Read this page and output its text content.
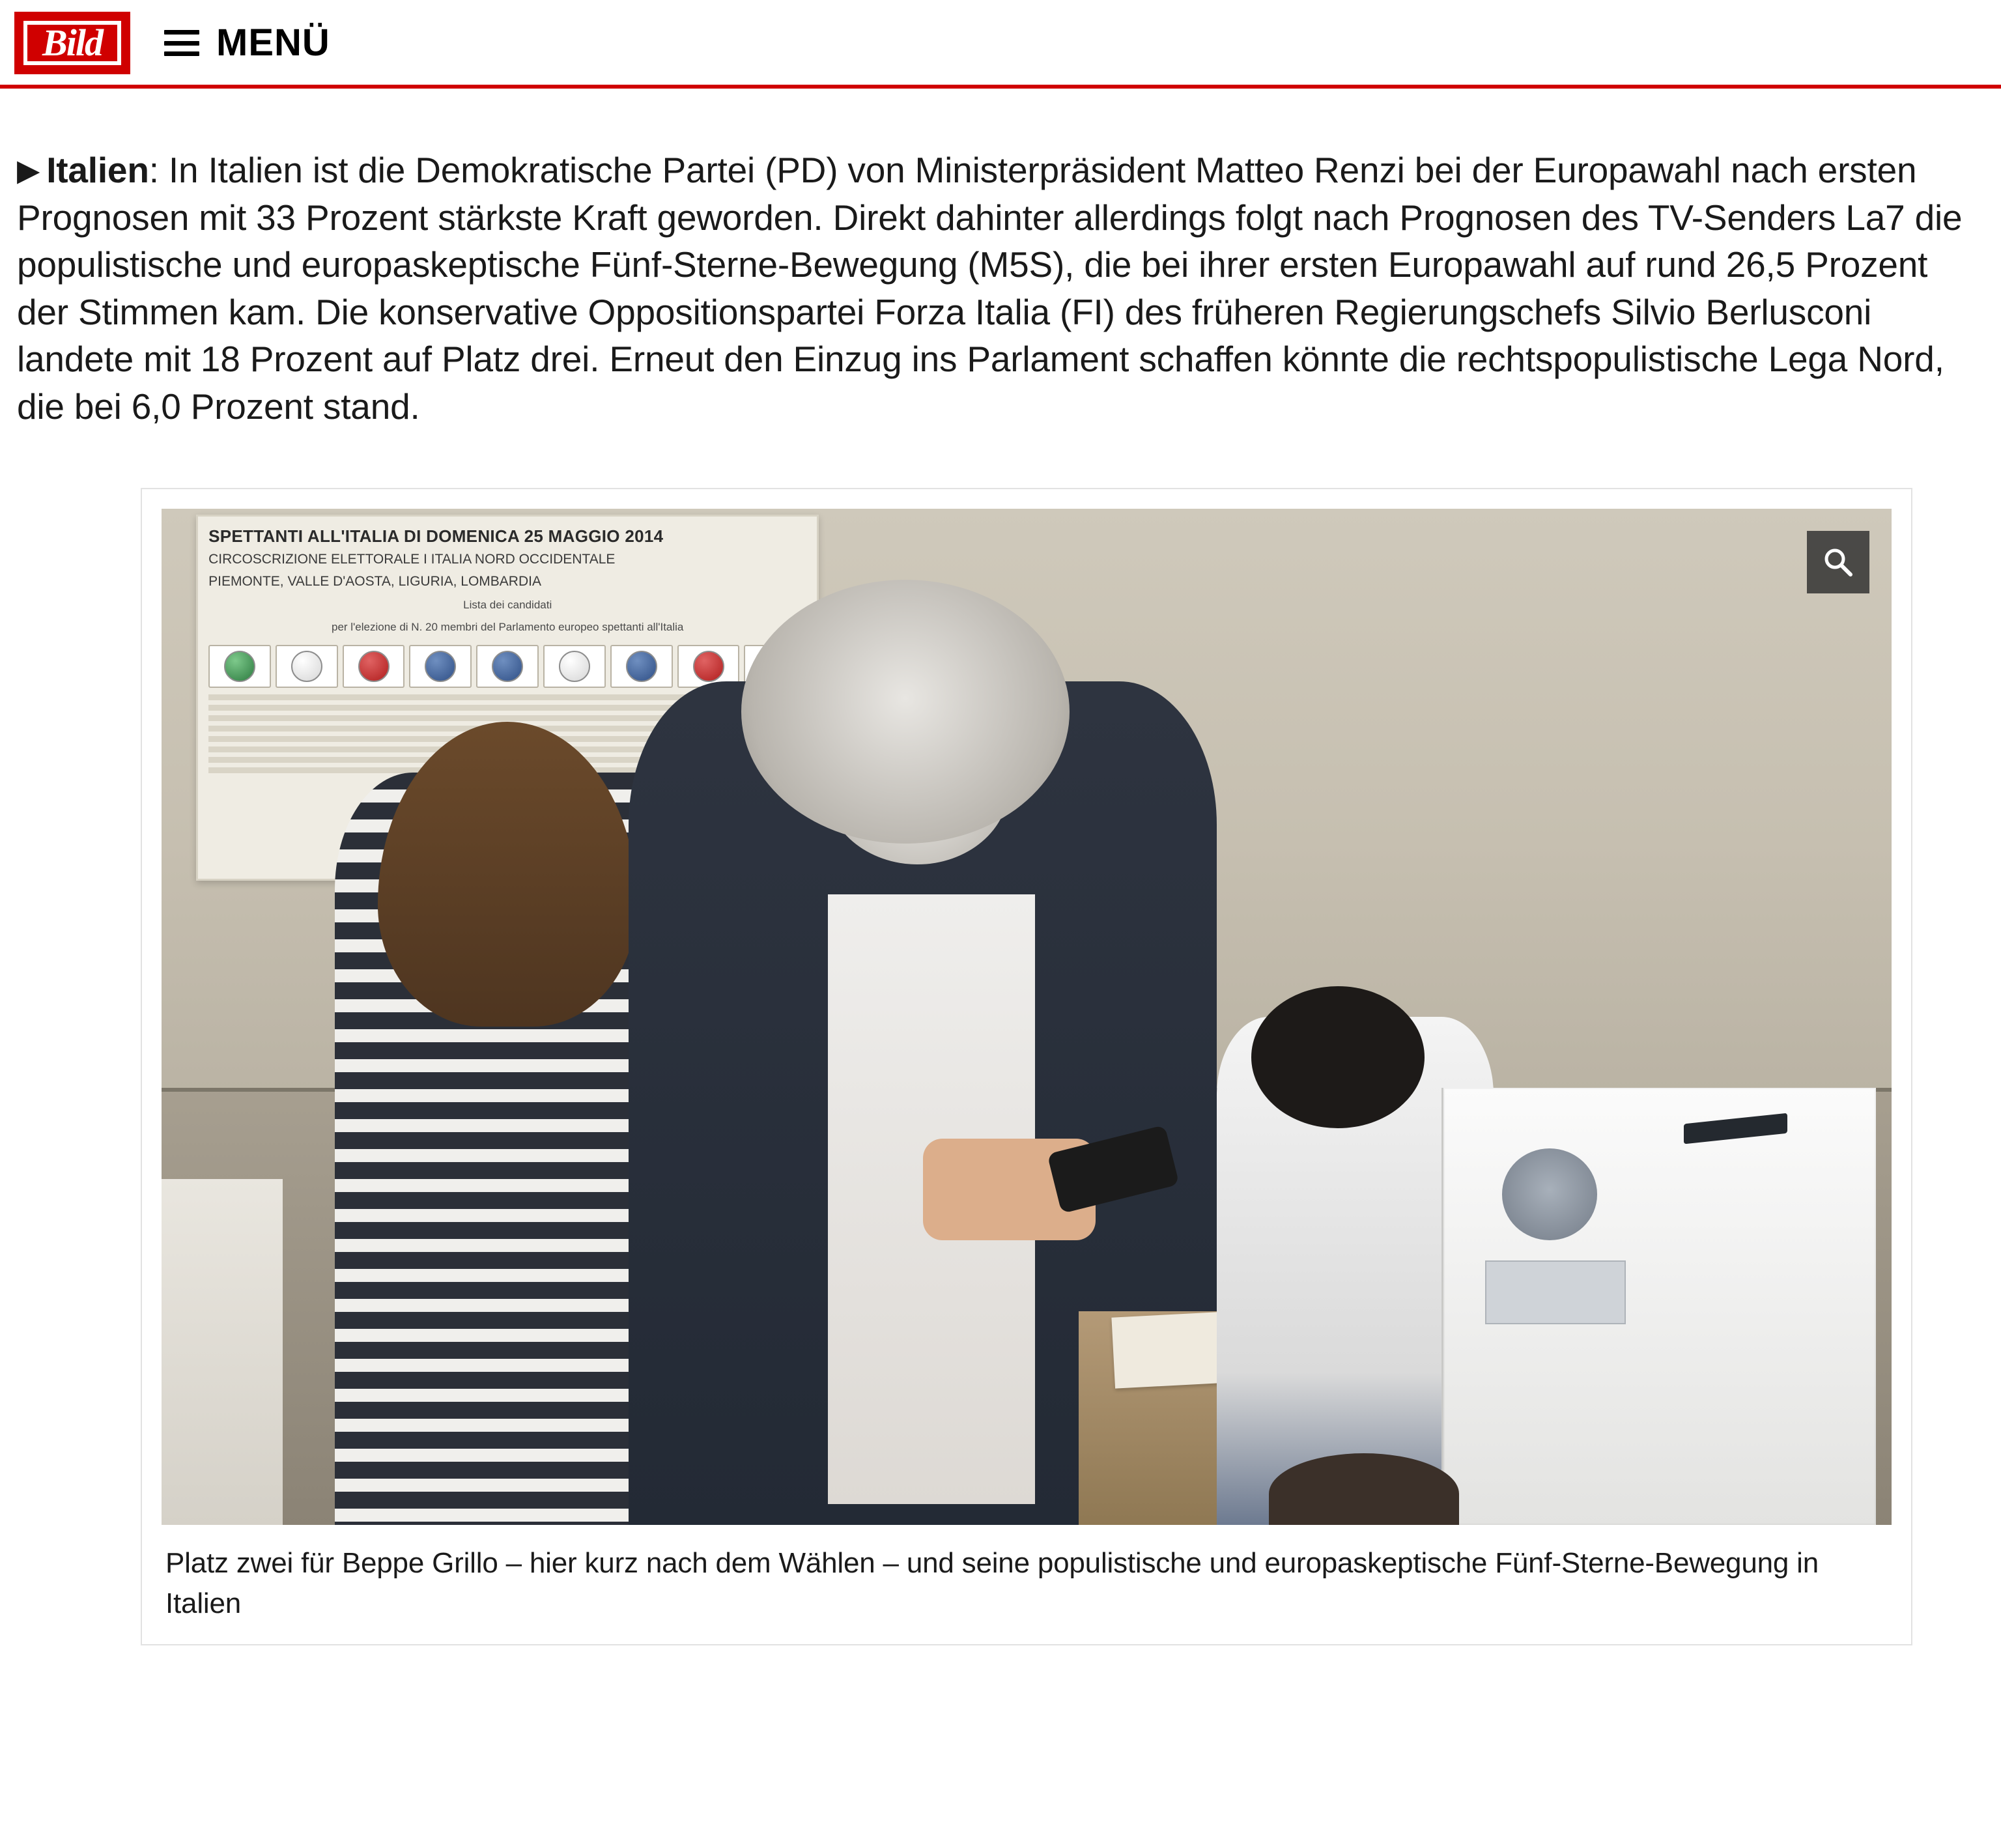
Bild	MENÜ

▶ Italien: In Italien ist die Demokratische Partei (PD) von Ministerpräsident Matteo Renzi bei der Europawahl nach ersten Prognosen mit 33 Prozent stärkste Kraft geworden. Direkt dahinter allerdings folgt nach Prognosen des TV-Senders La7 die populistische und europaskeptische Fünf-Sterne-Bewegung (M5S), die bei ihrer ersten Europawahl auf rund 26,5 Prozent der Stimmen kam. Die konservative Oppositionspartei Forza Italia (FI) des früheren Regierungschefs Silvio Berlusconi landete mit 18 Prozent auf Platz drei. Erneut den Einzug ins Parlament schaffen könnte die rechtspopulistische Lega Nord, die bei 6,0 Prozent stand.

SPETTANTI ALL'ITALIA DI DOMENICA 25 MAGGIO 2014
CIRCOSCRIZIONE ELETTORALE I ITALIA NORD OCCIDENTALE
PIEMONTE, VALLE D'AOSTA, LIGURIA, LOMBARDIA
Lista dei candidati
per l'elezione di N. 20 membri del Parlamento europeo spettanti all'Italia
Platz zwei für Beppe Grillo – hier kurz nach dem Wählen – und seine populistische und europaskeptische Fünf-Sterne-Bewegung in Italien
